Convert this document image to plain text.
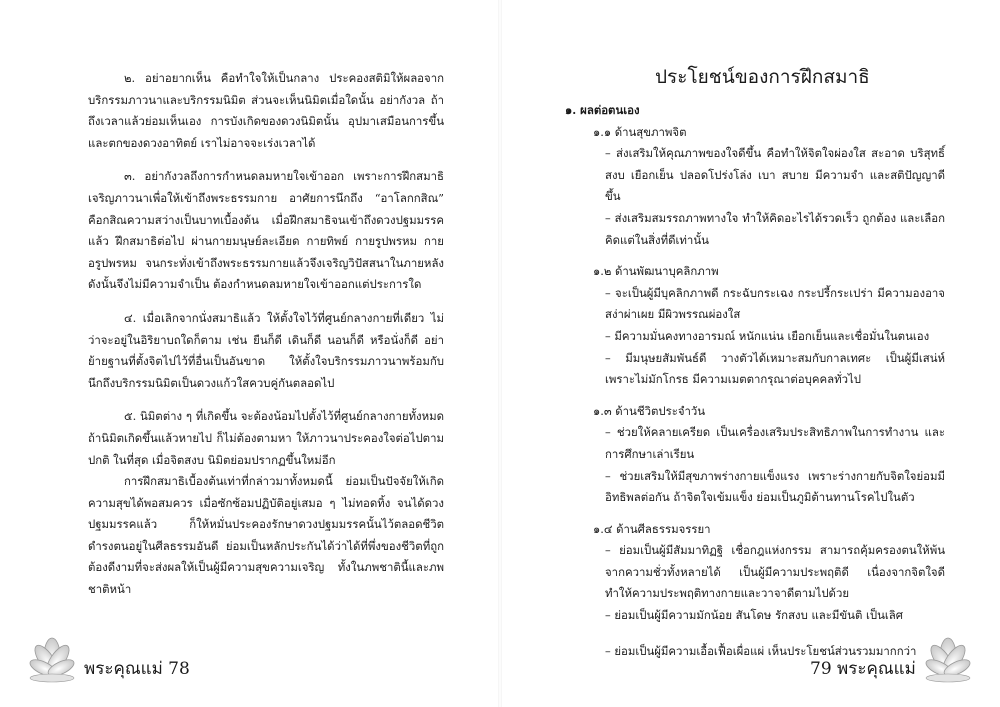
๒. อย่าอยากเห็น คือทำใจให้เป็นกลาง ประคองสติมิให้ผลอจากบริกรรมภาวนาและบริกรรมนิมิต ส่วนจะเห็นนิมิตเมื่อใดนั้น อย่ากังวล ถ้าถึงเวลาแล้วย่อมเห็นเอง การบังเกิดของดวงนิมิตนั้น อุปมาเสมือนการขึ้นและตกของดวงอาทิตย์ เราไม่อาจจะเร่งเวลาได้

๓. อย่ากังวลถึงการกำหนดลมหายใจเข้าออก เพราะการฝึกสมาธิเจริญภาวนาเพื่อให้เข้าถึงพระธรรมกาย อาศัยการนึกถึง “อาโลกกสิณ” คือกสิณความสว่างเป็นบาทเบื้องต้น เมื่อฝึกสมาธิจนเข้าถึงดวงปฐมมรรคแล้ว ฝึกสมาธิต่อไป ผ่านกายมนุษย์ละเอียด กายทิพย์ กายรูปพรหม กายอรูปพรหม จนกระทั่งเข้าถึงพระธรรมกายแล้วจึงเจริญวิปัสสนาในภายหลัง ดังนั้นจึงไม่มีความจำเป็น ต้องกำหนดลมหายใจเข้าออกแต่ประการใด

๔. เมื่อเลิกจากนั่งสมาธิแล้ว ให้ตั้งใจไว้ที่ศูนย์กลางกายที่เดียว ไม่ว่าจะอยู่ในอิริยาบถใดก็ตาม เช่น ยืนก็ดี เดินก็ดี นอนก็ดี หรือนั่งก็ดี อย่าย้ายฐานที่ตั้งจิตไปไว้ที่อื่นเป็นอันขาด ให้ตั้งใจบริกรรมภาวนาพร้อมกับนึกถึงบริกรรมนิมิตเป็นดวงแก้วใสควบคู่กันตลอดไป

๕. นิมิตต่าง ๆ ที่เกิดขึ้น จะต้องน้อมไปตั้งไว้ที่ศูนย์กลางกายทั้งหมด ถ้านิมิตเกิดขึ้นแล้วหายไป ก็ไม่ต้องตามหา ให้ภาวนาประคองใจต่อไปตามปกติ ในที่สุด เมื่อจิตสงบ นิมิตย่อมปรากฏขึ้นใหม่อีก

การฝึกสมาธิเบื้องต้นเท่าที่กล่าวมาทั้งหมดนี้ ย่อมเป็นปัจจัยให้เกิดความสุขได้พอสมควร เมื่อซักซ้อมปฏิบัติอยู่เสมอ ๆ ไม่ทอดทิ้ง จนได้ดวงปฐมมรรคแล้ว ก็ให้หมั่นประคองรักษาดวงปฐมมรรคนั้นไว้ตลอดชีวิต ดำรงตนอยู่ในศีลธรรมอันดี ย่อมเป็นหลักประกันได้ว่าได้ที่พึ่งของชีวิตที่ถูกต้องดีงามที่จะส่งผลให้เป็นผู้มีความสุขความเจริญ ทั้งในภพชาตินี้และภพชาติหน้า

พระคุณแม่ 78
ประโยชน์ของการฝึกสมาธิ

๑. ผลต่อตนเอง

๑.๑ ด้านสุขภาพจิต

– ส่งเสริมให้คุณภาพของใจดีขึ้น คือทำให้จิตใจผ่องใส สะอาด บริสุทธิ์ สงบ เยือกเย็น ปลอดโปร่งโล่ง เบา สบาย มีความจำ และสติปัญญาดีขึ้น

– ส่งเสริมสมรรถภาพทางใจ ทำให้คิดอะไรได้รวดเร็ว ถูกต้อง และเลือกคิดแต่ในสิ่งที่ดีเท่านั้น

๑.๒ ด้านพัฒนาบุคลิกภาพ

– จะเป็นผู้มีบุคลิกภาพดี กระฉับกระเฉง กระปรี้กระเปร่า มีความองอาจสง่าผ่าเผย มีผิวพรรณผ่องใส

– มีความมั่นคงทางอารมณ์ หนักแน่น เยือกเย็นและเชื่อมั่นในตนเอง

– มีมนุษยสัมพันธ์ดี วางตัวได้เหมาะสมกับกาลเทศะ เป็นผู้มีเสน่ห์ เพราะไม่มักโกรธ มีความเมตตากรุณาต่อบุคคลทั่วไป

๑.๓ ด้านชีวิตประจำวัน

– ช่วยให้คลายเครียด เป็นเครื่องเสริมประสิทธิภาพในการทำงาน และการศึกษาเล่าเรียน

– ช่วยเสริมให้มีสุขภาพร่างกายแข็งแรง เพราะร่างกายกับจิตใจย่อมมีอิทธิพลต่อกัน ถ้าจิตใจเข้มแข็ง ย่อมเป็นภูมิต้านทานโรคไปในตัว

๑.๔ ด้านศีลธรรมจรรยา

– ย่อมเป็นผู้มีสัมมาทิฏฐิ เชื่อกฎแห่งกรรม สามารถคุ้มครองตนให้พ้นจากความชั่วทั้งหลายได้ เป็นผู้มีความประพฤติดี เนื่องจากจิตใจดี ทำให้ความประพฤติทางกายและวาจาดีตามไปด้วย

– ย่อมเป็นผู้มีความมักน้อย สันโดษ รักสงบ และมีขันติ เป็นเลิศ

– ย่อมเป็นผู้มีความเอื้อเฟื้อเผื่อแผ่ เห็นประโยชน์ส่วนรวมมากกว่า

79 พระคุณแม่
